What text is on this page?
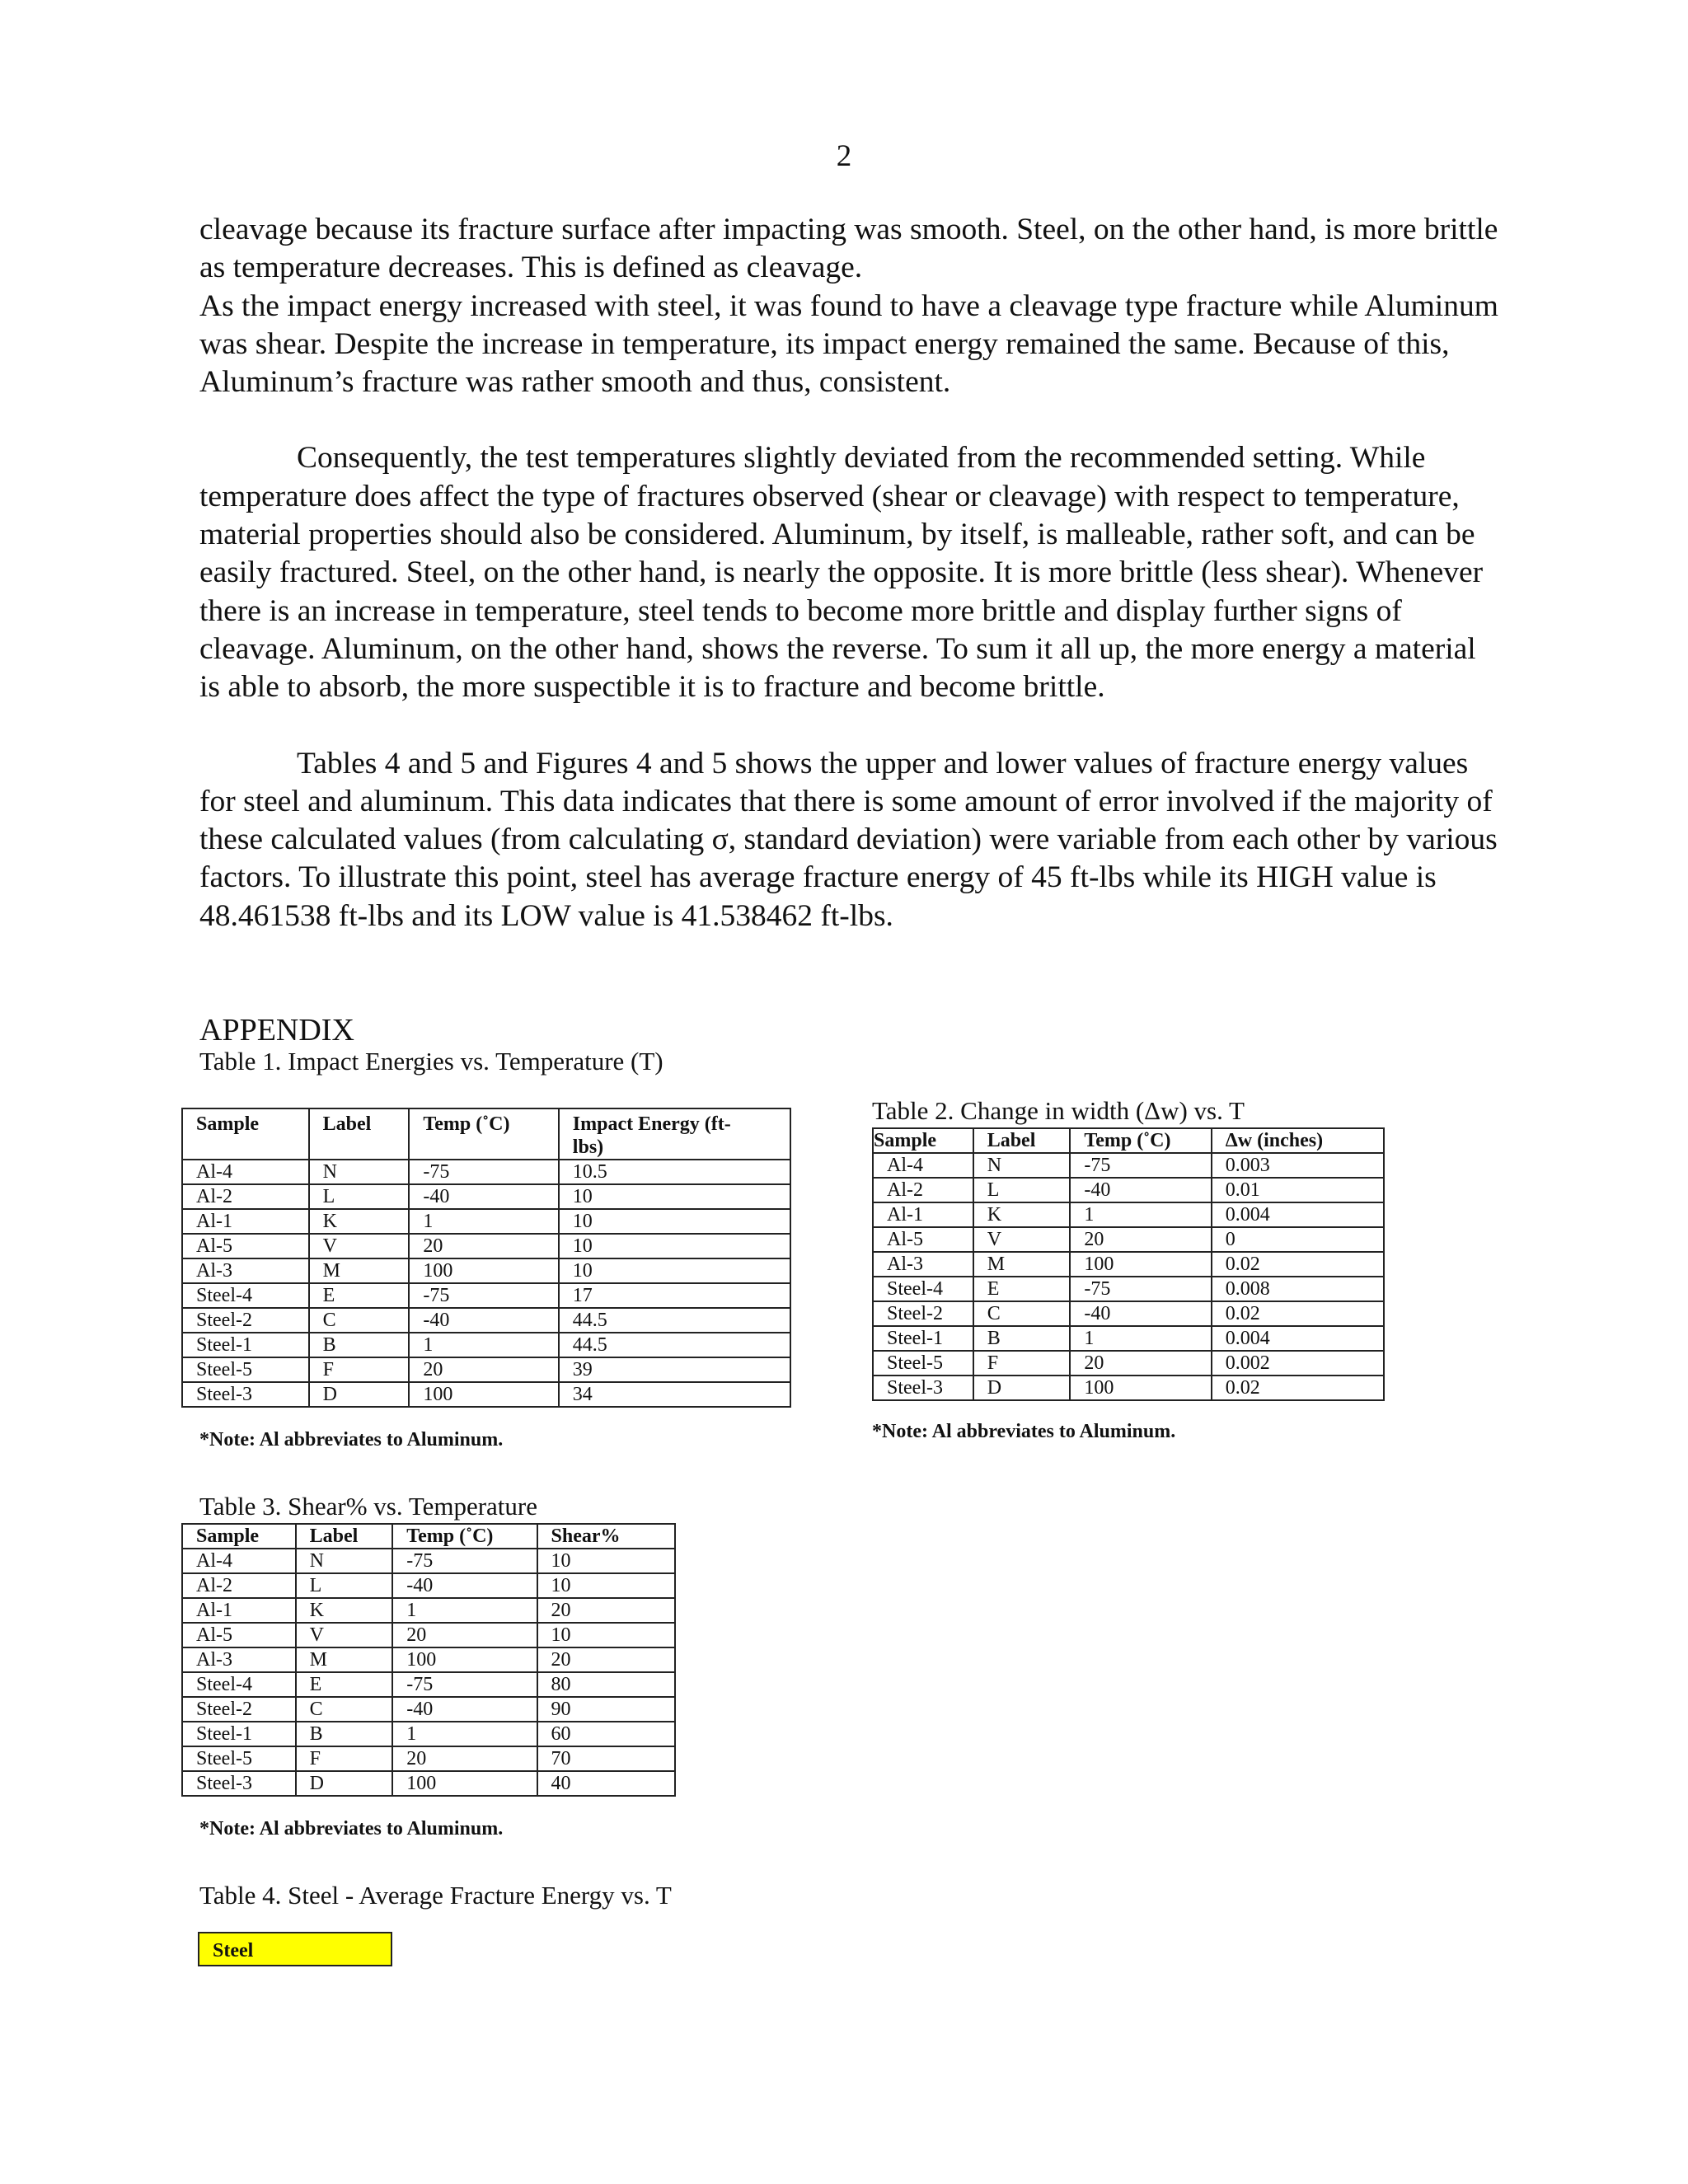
2

cleavage because its fracture surface after impacting was smooth. Steel, on the other hand, is more brittle as temperature decreases. This is defined as cleavage.

As the impact energy increased with steel, it was found to have a cleavage type fracture while Aluminum was shear. Despite the increase in temperature, its impact energy remained the same. Because of this, Aluminum’s fracture was rather smooth and thus, consistent.

Consequently, the test temperatures slightly deviated from the recommended setting. While temperature does affect the type of fractures observed (shear or cleavage) with respect to temperature, material properties should also be considered. Aluminum, by itself, is malleable, rather soft, and can be easily fractured. Steel, on the other hand, is nearly the opposite. It is more brittle (less shear). Whenever there is an increase in temperature, steel tends to become more brittle and display further signs of cleavage. Aluminum, on the other hand, shows the reverse. To sum it all up, the more energy a material is able to absorb, the more suspectible it is to fracture and become brittle.

Tables 4 and 5 and Figures 4 and 5 shows the upper and lower values of fracture energy values for steel and aluminum. This data indicates that there is some amount of error involved if the majority of these calculated values (from calculating σ, standard deviation) were variable from each other by various factors. To illustrate this point, steel has average fracture energy of 45 ft-lbs while its HIGH value is 48.461538 ft-lbs and its LOW value is 41.538462 ft-lbs.

APPENDIX
Table 1. Impact Energies vs. Temperature (T)
Sample	Label	Temp (˚C)	Impact Energy (ft-lbs)
Al-4	N	-75	10.5
Al-2	L	-40	10
Al-1	K	1	10
Al-5	V	20	10
Al-3	M	100	10
Steel-4	E	-75	17
Steel-2	C	-40	44.5
Steel-1	B	1	44.5
Steel-5	F	20	39
Steel-3	D	100	34
*Note: Al abbreviates to Aluminum.
Table 2. Change in width (Δw) vs. T
Sample	Label	Temp (˚C)	Δw (inches)
Al-4	N	-75	0.003
Al-2	L	-40	0.01
Al-1	K	1	0.004
Al-5	V	20	0
Al-3	M	100	0.02
Steel-4	E	-75	0.008
Steel-2	C	-40	0.02
Steel-1	B	1	0.004
Steel-5	F	20	0.002
Steel-3	D	100	0.02
*Note: Al abbreviates to Aluminum.
Table 3. Shear% vs. Temperature
Sample	Label	Temp (˚C)	Shear%
Al-4	N	-75	10
Al-2	L	-40	10
Al-1	K	1	20
Al-5	V	20	10
Al-3	M	100	20
Steel-4	E	-75	80
Steel-2	C	-40	90
Steel-1	B	1	60
Steel-5	F	20	70
Steel-3	D	100	40
*Note: Al abbreviates to Aluminum.
Table 4. Steel - Average Fracture Energy vs. T
Steel
